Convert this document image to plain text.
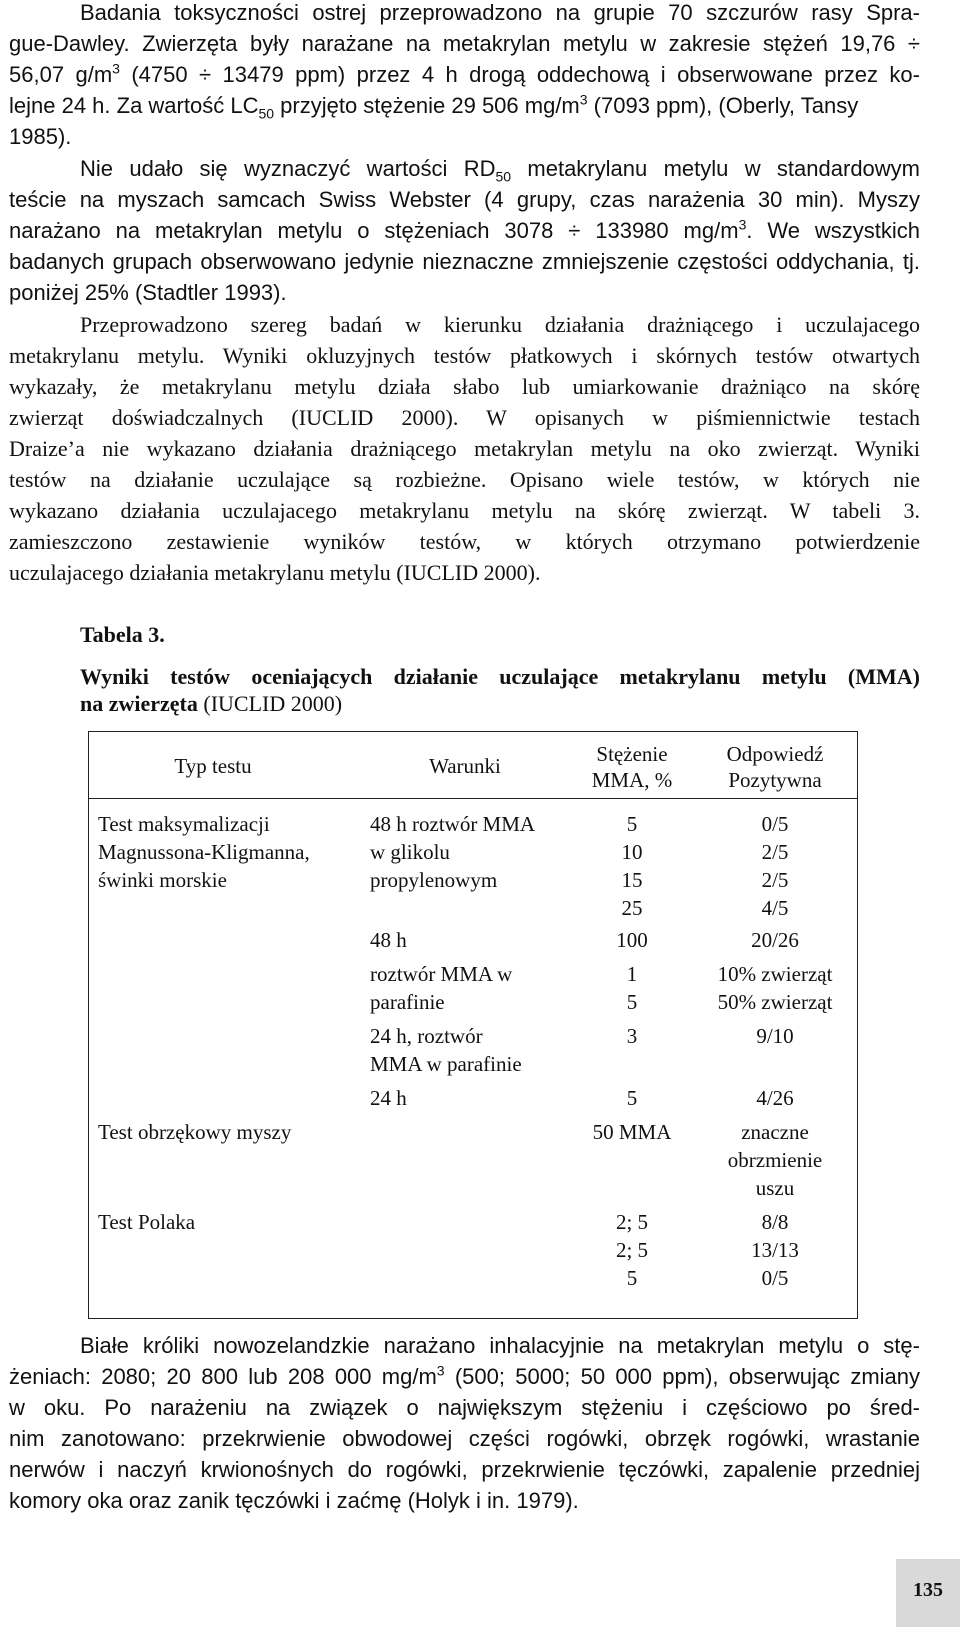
Badania toksyczności ostrej przeprowadzono na grupie 70 szczurów rasy Spra-
gue-Dawley. Zwierzęta były narażane na metakrylan metylu w zakresie stężeń 19,76 ÷
56,07 $g/m^3$ (4750 ÷ 13479 ppm) przez 4 h drogą oddechową i obserwowane przez ko-
lejne 24 h. Za wartość $LC_{50}$ przyjęto stężenie 29 506 $mg/m^3$ (7093 ppm), (Oberly, Tansy
1985).
Nie udało się wyznaczyć wartości $RD_{50}$ metakrylanu metylu w standardowym
teście na myszach samcach Swiss Webster (4 grupy, czas narażenia 30 min). Myszy
narażano na metakrylan metylu o stężeniach 3078 ÷ 133980 $mg/m^3$. We wszystkich
badanych grupach obserwowano jedynie nieznaczne zmniejszenie częstości oddychania, tj.
poniżej 25% (Stadtler 1993).
Przeprowadzono szereg badań w kierunku działania drażniącego i uczulajacego
metakrylanu metylu. Wyniki okluzyjnych testów płatkowych i skórnych testów otwartych
wykazały, że metakrylanu metylu działa słabo lub umiarkowanie drażniąco na skórę
zwierząt doświadczalnych (IUCLID 2000). W opisanych w piśmiennictwie testach
Draize’a nie wykazano działania drażniącego metakrylan metylu na oko zwierząt. Wyniki
testów na działanie uczulające są rozbieżne. Opisano wiele testów, w których nie
wykazano działania uczulajacego metakrylanu metylu na skórę zwierząt. W tabeli 3.
zamieszczono zestawienie wyników testów, w których otrzymano potwierdzenie
uczulajacego działania metakrylanu metylu (IUCLID 2000).
Tabela 3.
Wyniki testów oceniających działanie uczulające metakrylanu metylu (MMA)
na zwierzęta (IUCLID 2000)
Typ testu	Warunki	Stężenie
MMA, %
Odpowiedź
Pozytywna
Test maksymalizacji
Magnussona-Kligmanna,
świnki morskie
Test obrzękowy myszy
Test Polaka
48 h roztwór MMA
w glikolu
propylenowym
48 h
roztwór MMA w
parafinie
24 h, roztwór
MMA w parafinie
24 h
5
10
15
25
100
1
5
3
5
50 MMA
2; 5
2; 5
5
0/5
2/5
2/5
4/5
20/26
10% zwierząt
50% zwierząt
9/10
4/26
znaczne
obrzmienie
uszu
8/8
13/13
0/5
Białe króliki nowozelandzkie narażano inhalacyjnie na metakrylan metylu o stę-
żeniach: 2080; 20 800 lub 208 000 $mg/m^3$ (500; 5000; 50 000 ppm), obserwując zmiany
w oku. Po narażeniu na związek o największym stężeniu i częściowo po śred-
nim zanotowano: przekrwienie obwodowej części rogówki, obrzęk rogówki, wrastanie
nerwów i naczyń krwionośnych do rogówki, przekrwienie tęczówki, zapalenie przedniej
komory oka oraz zanik tęczówki i zaćmę (Holyk i in. 1979).
135
